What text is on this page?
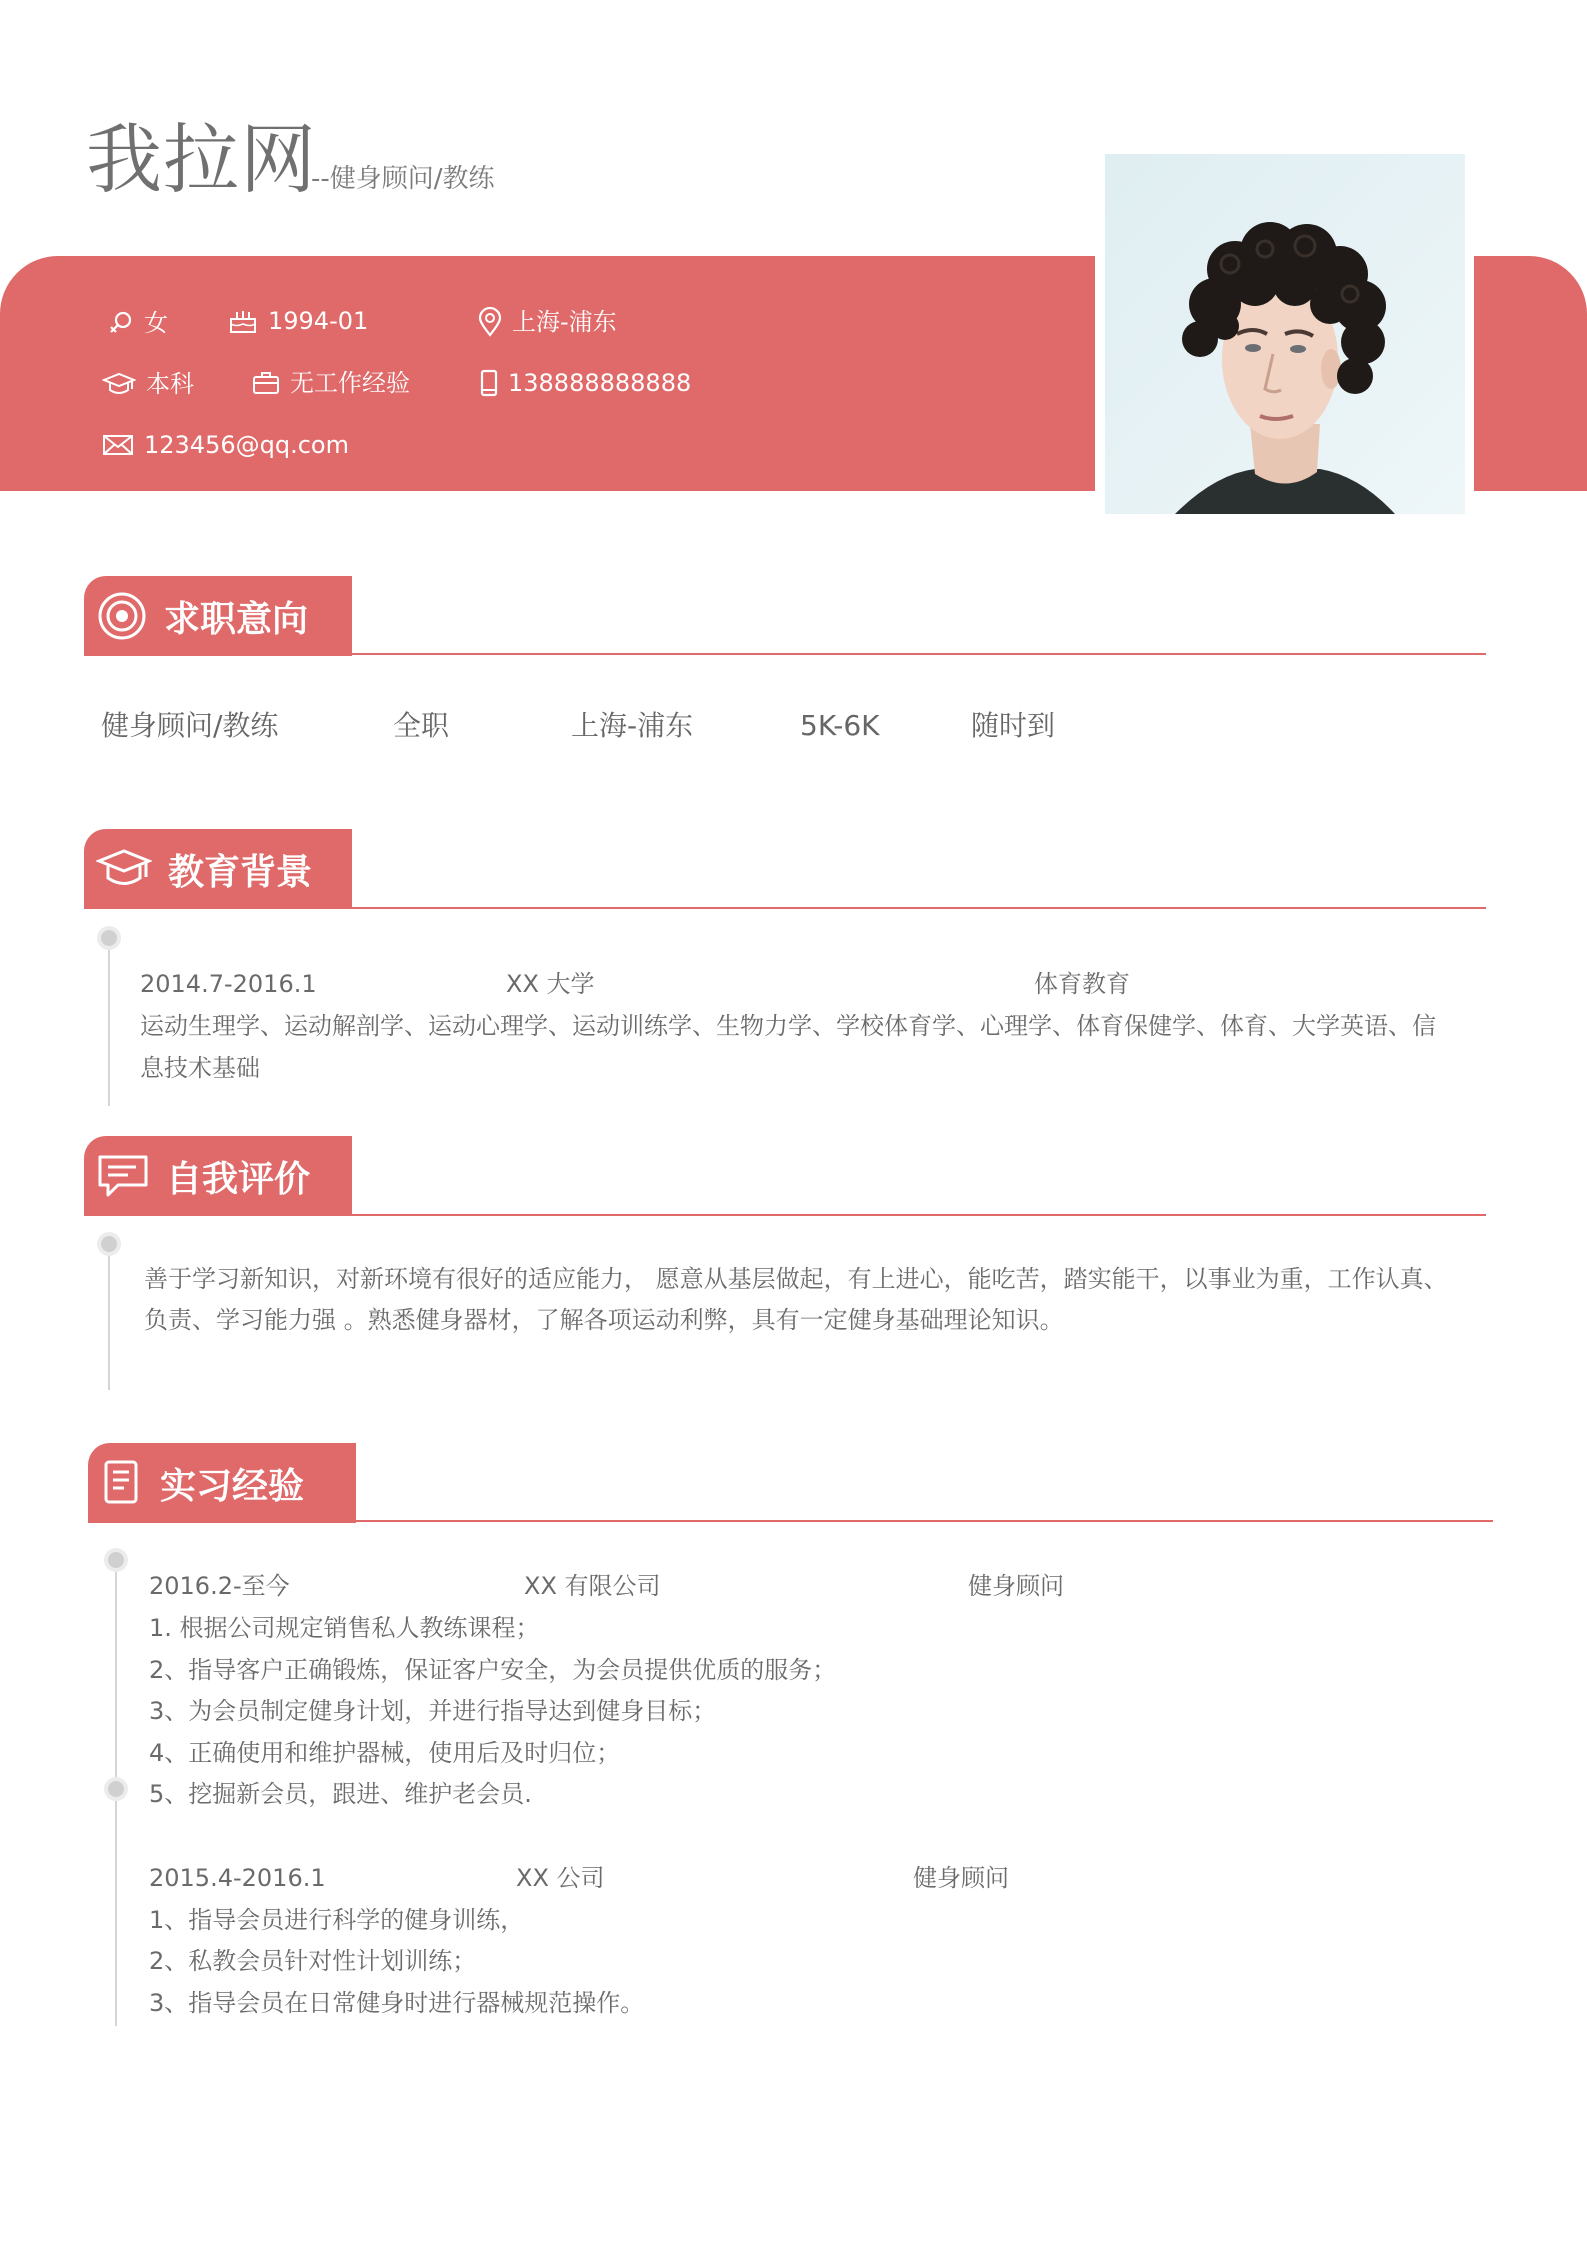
我拉网
--健身顾问/教练
女	1994-01	上海-浦东
本科	无工作经验	138888888888
123456@qq.com
求职意向
健身顾问/教练	全职	上海-浦东	5K-6K	随时到
教育背景
2014.7-2016.1	XX 大学	体育教育
运动生理学、运动解剖学、运动心理学、运动训练学、生物力学、学校体育学、心理学、体育保健学、体育、大学英语、信
息技术基础
自我评价
善于学习新知识，对新环境有很好的适应能力， 愿意从基层做起，有上进心，能吃苦，踏实能干，以事业为重，工作认真、
负责、学习能力强 。熟悉健身器材，了解各项运动利弊，具有一定健身基础理论知识。
实习经验
2016.2-至今	XX 有限公司	健身顾问
1. 根据公司规定销售私人教练课程；
2、指导客户正确锻炼，保证客户安全，为会员提供优质的服务；
3、为会员制定健身计划，并进行指导达到健身目标；
4、正确使用和维护器械，使用后及时归位；
5、挖掘新会员，跟进、维护老会员.
2015.4-2016.1	XX 公司	健身顾问
1、指导会员进行科学的健身训练，
2、私教会员针对性计划训练；
3、指导会员在日常健身时进行器械规范操作。
